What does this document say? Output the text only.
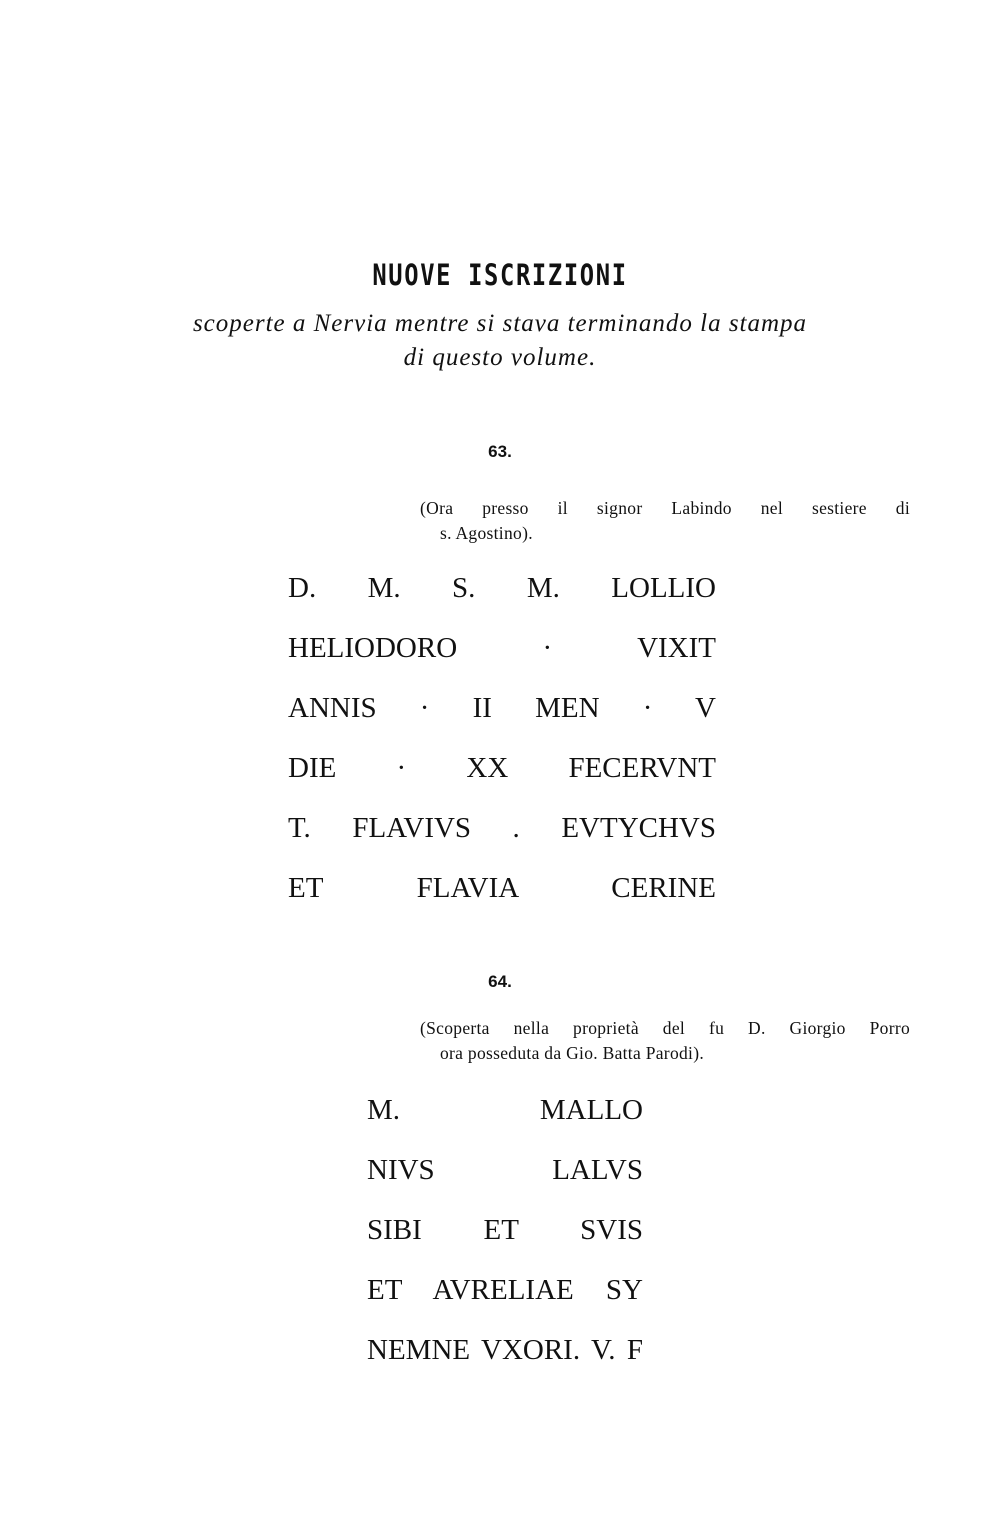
NUOVE ISCRIZIONI
scoperte a Nervia mentre si stava terminando la stampa
di questo volume.
63.
(Ora presso il signor Labindo nel sestiere di
s. Agostino).
D. M. S. M. LOLLIO
HELIODORO · VIXIT
ANNIS · II MEN · V
DIE · XX FECERVNT
T. FLAVIVS . EVTYCHVS
ET FLAVIA CERINE
64.
(Scoperta nella proprietà del fu D. Giorgio Porro
ora posseduta da Gio. Batta Parodi).
M. MALLO
NIVS LALVS
SIBI ET SVIS
ET AVRELIAE SY
NEMNE VXORI. V. F
